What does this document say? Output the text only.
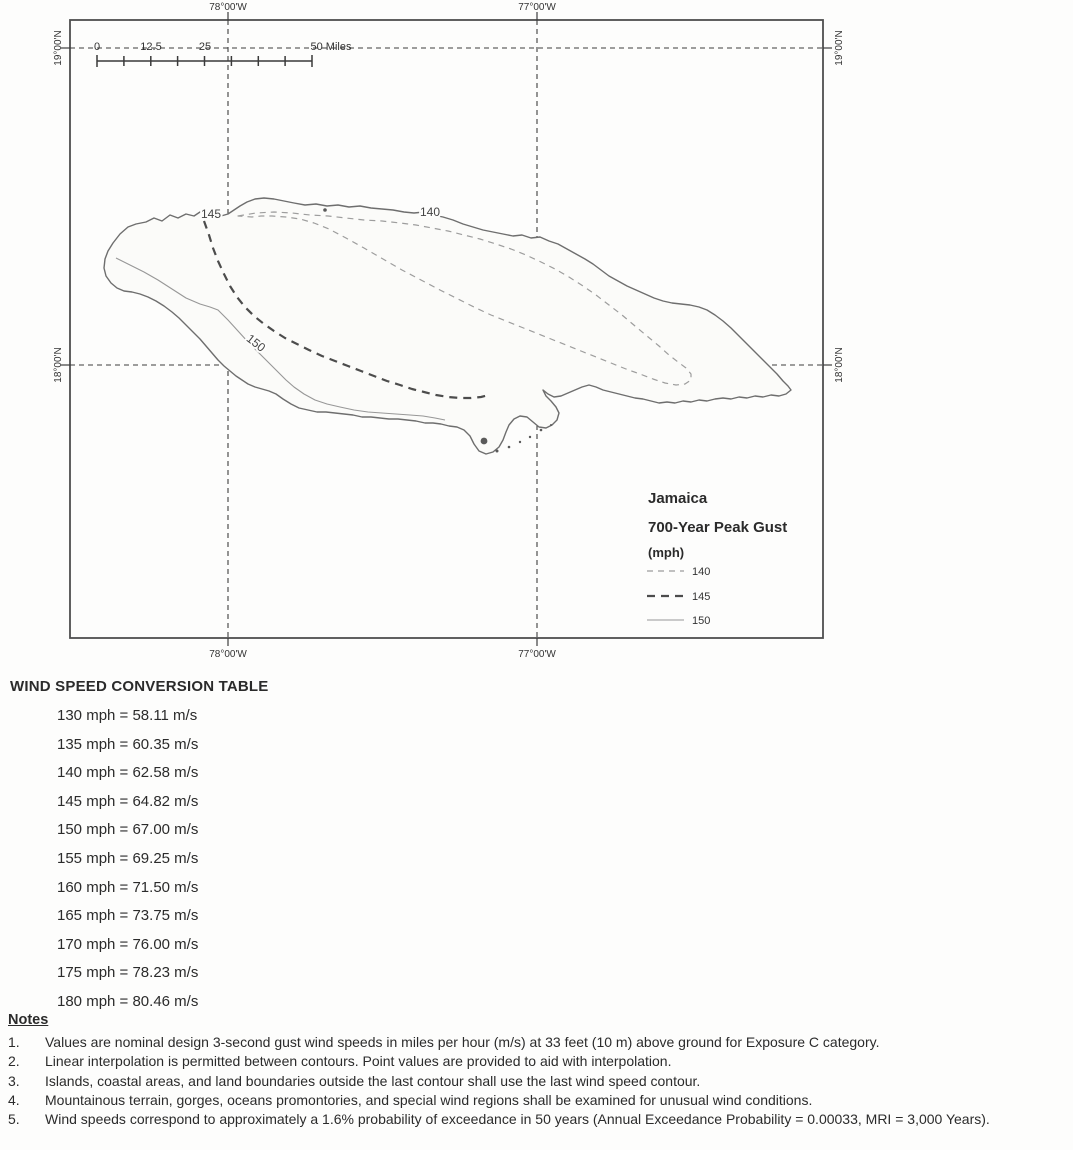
78°00'W	77°00'W
78°00'W	77°00'W
19°00'N
18°00'N
19°00'N
18°00'N
0	12.5	25	50 Miles
145	140
150
Jamaica
700-Year Peak Gust
(mph)
140
145
150
WIND SPEED CONVERSION TABLE
130 mph = 58.11 m/s
135 mph = 60.35 m/s
140 mph = 62.58 m/s
145 mph = 64.82 m/s
150 mph = 67.00 m/s
155 mph = 69.25 m/s
160 mph = 71.50 m/s
165 mph = 73.75 m/s
170 mph = 76.00 m/s
175 mph = 78.23 m/s
180 mph = 80.46 m/s
Notes
1.	Values are nominal design 3-second gust wind speeds in miles per hour (m/s) at 33 feet (10 m) above ground for Exposure C category.
2.	Linear interpolation is permitted between contours. Point values are provided to aid with interpolation.
3.	Islands, coastal areas, and land boundaries outside the last contour shall use the last wind speed contour.
4.	Mountainous terrain, gorges, oceans promontories, and special wind regions shall be examined for unusual wind conditions.
5.	Wind speeds correspond to approximately a 1.6% probability of exceedance in 50 years (Annual Exceedance Probability = 0.00033, MRI = 3,000 Years).
